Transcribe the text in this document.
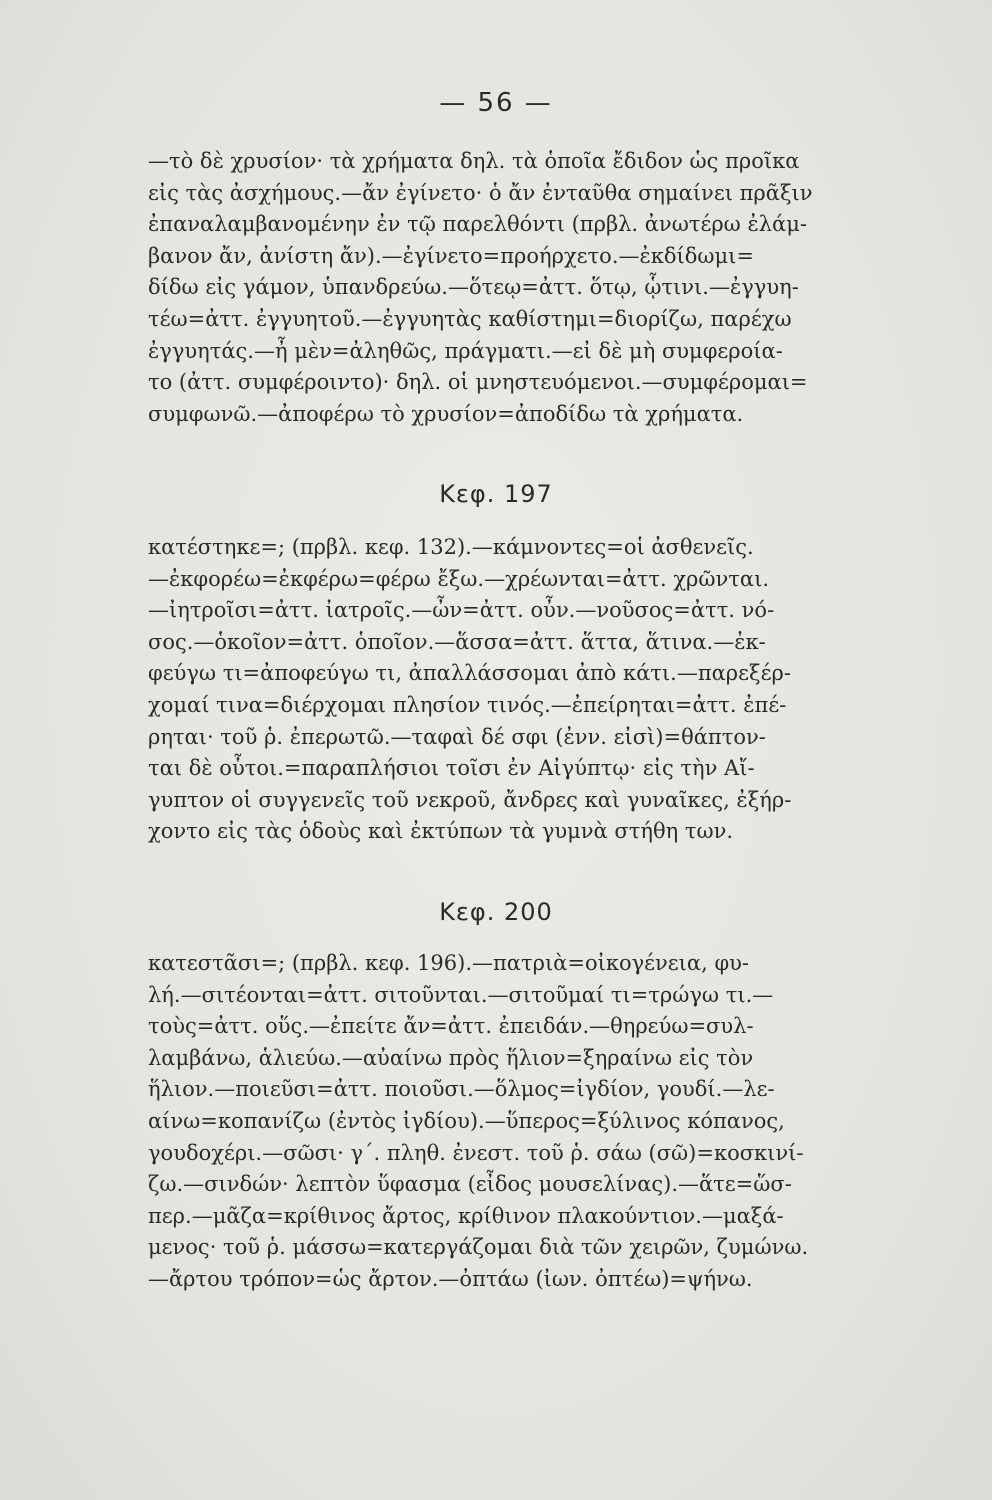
— 56 —
—τὸ δὲ χρυσίον· τὰ χρήματα δηλ. τὰ ὁποῖα ἔδιδον ὡς προῖκα
εἰς τὰς ἀσχήμους.—ἄν ἐγίνετο· ὁ ἄν ἐνταῦθα σημαίνει πρᾶξιν
ἐπαναλαμβανομένην ἐν τῷ παρελθόντι (πρβλ. ἀνωτέρω ἐλάμ-
βανον ἄν, ἀνίστη ἄν).—ἐγίνετο=προήρχετο.—ἐκδίδωμι=
δίδω εἰς γάμον, ὑπανδρεύω.—ὅτεῳ=ἀττ. ὅτῳ, ᾧτινι.—ἐγγυη-
τέω=ἀττ. ἐγγυητοῦ.—ἐγγυητὰς καθίστημι=διορίζω, παρέχω
ἐγγυητάς.—ἦ μὲν=ἀληθῶς, πράγματι.—εἰ δὲ μὴ συμφεροία-
το (ἀττ. συμφέροιντο)· δηλ. οἱ μνηστευόμενοι.—συμφέρομαι=
συμφωνῶ.—ἀποφέρω τὸ χρυσίον=ἀποδίδω τὰ χρήματα.
Κεφ. 197
κατέστηκε=; (πρβλ. κεφ. 132).—κάμνοντες=οἱ ἀσθενεῖς.
—ἐκφορέω=ἐκφέρω=φέρω ἔξω.—χρέωνται=ἀττ. χρῶνται.
—ἰητροῖσι=ἀττ. ἰατροῖς.—ὦν=ἀττ. οὖν.—νοῦσος=ἀττ. νό-
σος.—ὁκοῖον=ἀττ. ὁποῖον.—ἅσσα=ἀττ. ἅττα, ἅτινα.—ἐκ-
φεύγω τι=ἀποφεύγω τι, ἀπαλλάσσομαι ἀπὸ κάτι.—παρεξέρ-
χομαί τινα=διέρχομαι πλησίον τινός.—ἐπείρηται=ἀττ. ἐπέ-
ρηται· τοῦ ῥ. ἐπερωτῶ.—ταφαὶ δέ σφι (ἐνν. εἰσὶ)=θάπτον-
ται δὲ οὗτοι.=παραπλήσιοι τοῖσι ἐν Αἰγύπτῳ· εἰς τὴν Αἴ-
γυπτον οἱ συγγενεῖς τοῦ νεκροῦ, ἄνδρες καὶ γυναῖκες, ἐξήρ-
χοντο εἰς τὰς ὁδοὺς καὶ ἐκτύπων τὰ γυμνὰ στήθη των.
Κεφ. 200
κατεστᾶσι=; (πρβλ. κεφ. 196).—πατριὰ=οἰκογένεια, φυ-
λή.—σιτέονται=ἀττ. σιτοῦνται.—σιτοῦμαί τι=τρώγω τι.—
τοὺς=ἀττ. οὕς.—ἐπείτε ἄν=ἀττ. ἐπειδάν.—θηρεύω=συλ-
λαμβάνω, ἁλιεύω.—αὐαίνω πρὸς ἥλιον=ξηραίνω εἰς τὸν
ἥλιον.—ποιεῦσι=ἀττ. ποιοῦσι.—ὅλμος=ἰγδίον, γουδί.—λε-
αίνω=κοπανίζω (ἐντὸς ἰγδίου).—ὕπερος=ξύλινος κόπανος,
γουδοχέρι.—σῶσι· γ΄. πληθ. ἐνεστ. τοῦ ῥ. σάω (σῶ)=κοσκινί-
ζω.—σινδών· λεπτὸν ὕφασμα (εἶδος μουσελίνας).—ἅτε=ὥσ-
περ.—μᾶζα=κρίθινος ἄρτος, κρίθινον πλακούντιον.—μαξά-
μενος· τοῦ ῥ. μάσσω=κατεργάζομαι διὰ τῶν χειρῶν, ζυμώνω.
—ἄρτου τρόπον=ὡς ἄρτον.—ὀπτάω (ἰων. ὀπτέω)=ψήνω.
